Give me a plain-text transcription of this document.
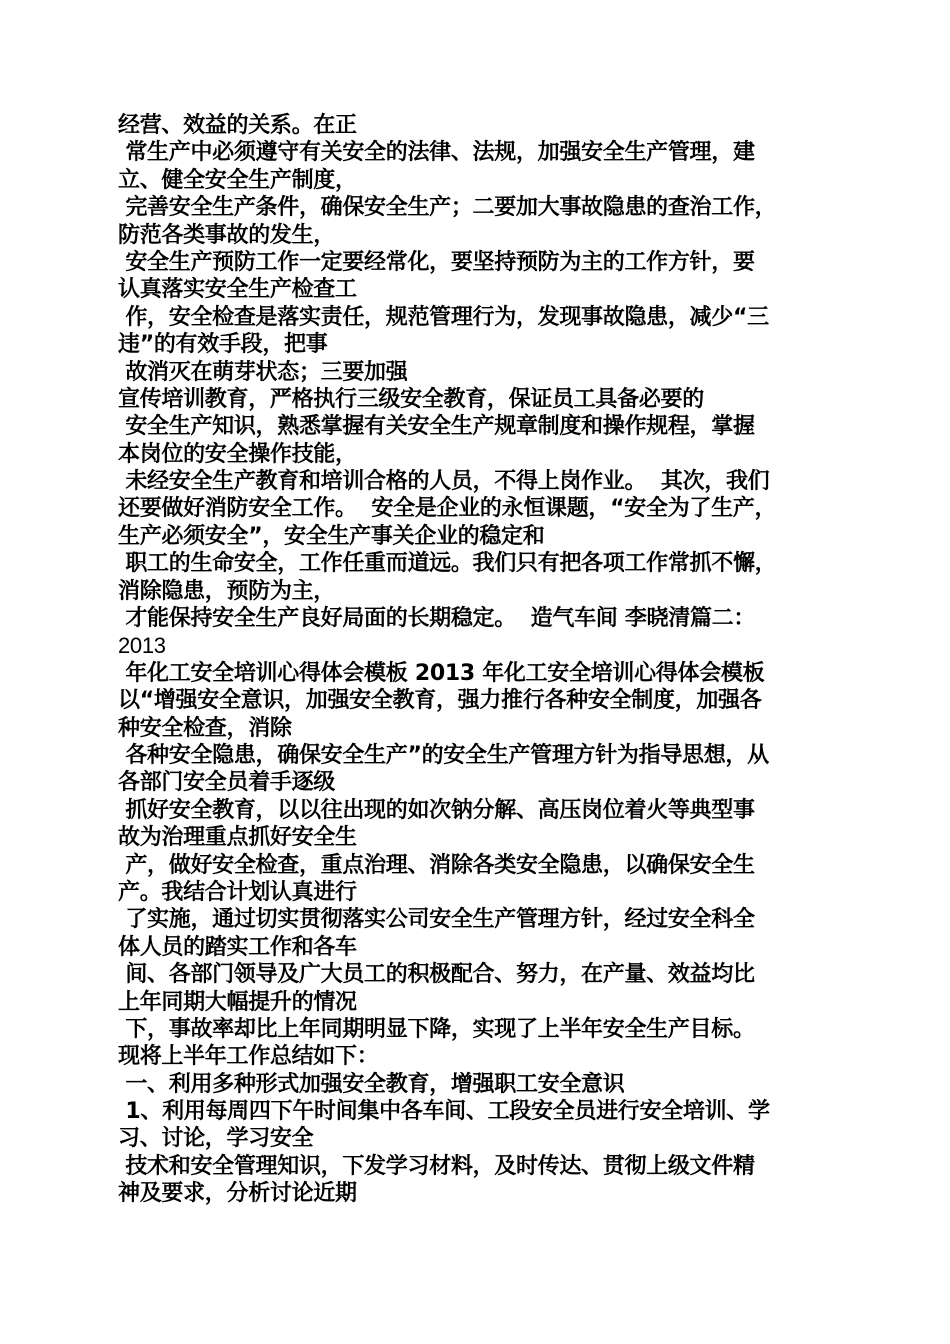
经营、效益的关系。在正
常生产中必须遵守有关安全的法律、法规，加强安全生产管理，建
立、健全安全生产制度，
完善安全生产条件，确保安全生产；二要加大事故隐患的查治工作，
防范各类事故的发生，
安全生产预防工作一定要经常化，要坚持预防为主的工作方针，要
认真落实安全生产检查工
作，安全检查是落实责任，规范管理行为，发现事故隐患，减少“三
违”的有效手段，把事
故消灭在萌芽状态；三要加强
宣传培训教育，严格执行三级安全教育，保证员工具备必要的
安全生产知识，熟悉掌握有关安全生产规章制度和操作规程，掌握
本岗位的安全操作技能，
未经安全生产教育和培训合格的人员，不得上岗作业。  其次，我们
还要做好消防安全工作。  安全是企业的永恒课题，“安全为了生产，
生产必须安全”，安全生产事关企业的稳定和
职工的生命安全，工作任重而道远。我们只有把各项工作常抓不懈，
消除隐患，预防为主，
才能保持安全生产良好局面的长期稳定。  造气车间 李晓清篇二：
2013
年化工安全培训心得体会模板 2013 年化工安全培训心得体会模板
以“增强安全意识，加强安全教育，强力推行各种安全制度，加强各
种安全检查，消除
各种安全隐患，确保安全生产”的安全生产管理方针为指导思想，从
各部门安全员着手逐级
抓好安全教育，以以往出现的如次钠分解、高压岗位着火等典型事
故为治理重点抓好安全生
产，做好安全检查，重点治理、消除各类安全隐患，以确保安全生
产。我结合计划认真进行
了实施，通过切实贯彻落实公司安全生产管理方针，经过安全科全
体人员的踏实工作和各车
间、各部门领导及广大员工的积极配合、努力，在产量、效益均比
上年同期大幅提升的情况
下，事故率却比上年同期明显下降，实现了上半年安全生产目标。
现将上半年工作总结如下：
一、利用多种形式加强安全教育，增强职工安全意识
1、利用每周四下午时间集中各车间、工段安全员进行安全培训、学
习、讨论，学习安全
技术和安全管理知识，下发学习材料，及时传达、贯彻上级文件精
神及要求，分析讨论近期
